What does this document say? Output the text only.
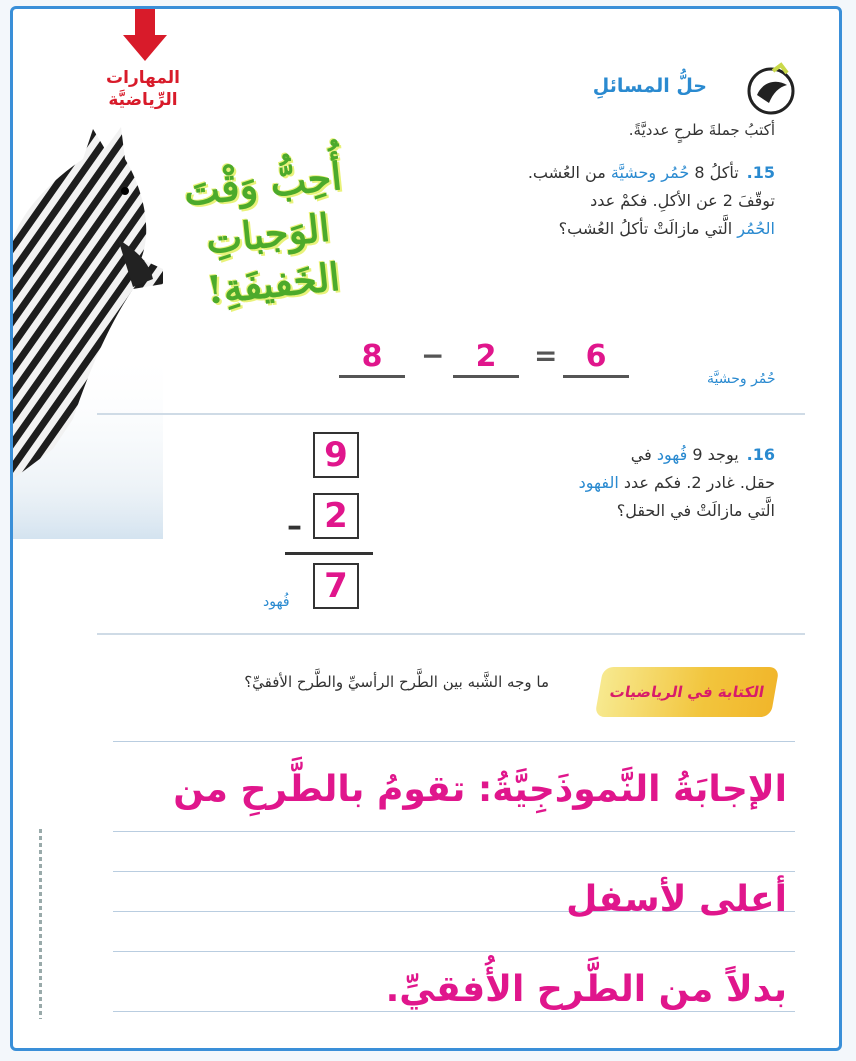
المهارات
الرِّياضيَّة
أُحِبُّ وَقْتَ
الوَجباتِ
الخَفيفَةِ!
حلُّ المسائلِ
أكتبُ جملةَ طرحٍ عدديَّةً.
15.تأكلُ 8 حُمُر وحشيَّة من العُشب.
توقّفَ 2 عن الأكلِ. فكمْ عدد
الحُمُر الَّتي مازالَتْ تأكلُ العُشب؟
حُمُر وحشيَّة
6
=
2
−
8
16.يوجد 9 فُهود في
حقل. غادر 2. فكم عدد الفهود
الَّتي مازالَتْ في الحقل؟
9
– 2
7
فُهود
الكتابة في الرياضيات
ما وجه الشَّبه بين الطَّرح الرأسيِّ والطَّرح الأفقيِّ؟
الإجابَةُ النَّموذَجِيَّةُ: تقومُ بالطَّرحِ من
أعلى لأسفل
بدلاً من الطَّرح الأُفقيِّ.
